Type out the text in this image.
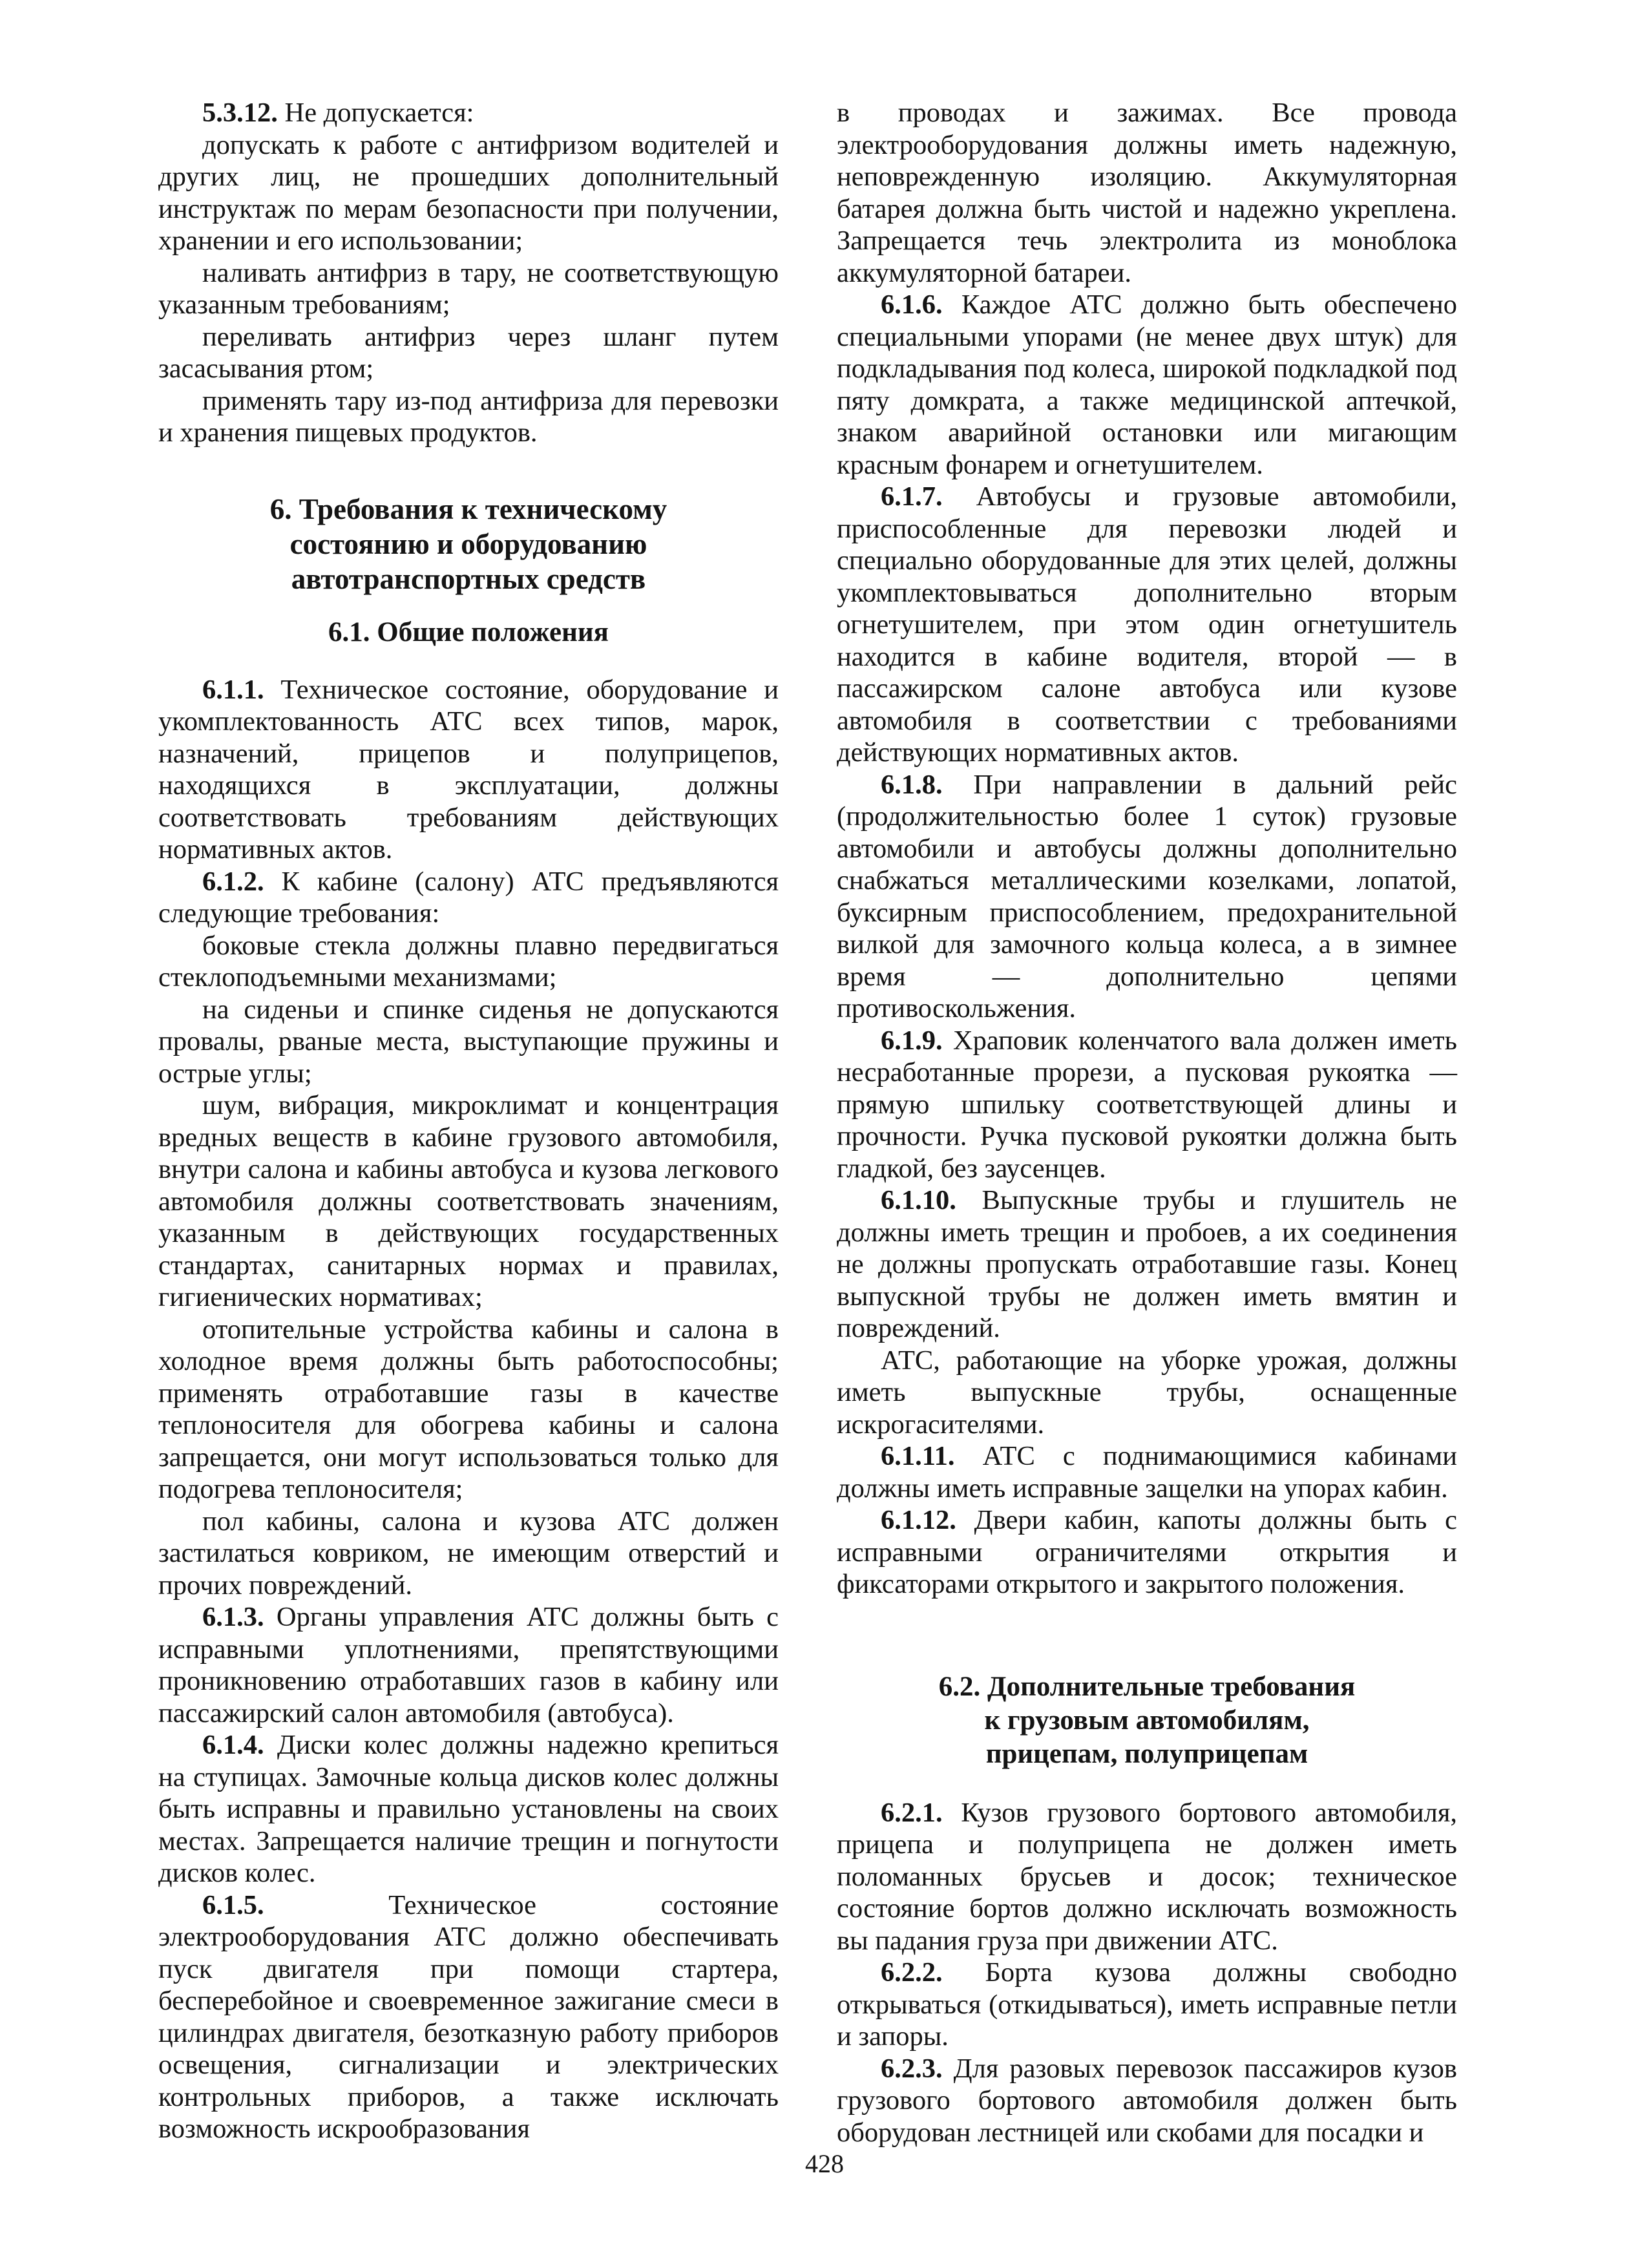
5.3.12. Не допускается:

допускать к работе с антифризом водителей и других лиц, не прошедших дополнительный инструктаж по мерам безопасности при получении, хранении и его использовании;

наливать антифриз в тару, не соответствующую указанным требованиям;

переливать антифриз через шланг путем засасывания ртом;

применять тару из-под антифриза для перевозки и хранения пищевых продуктов.

6. Требования к техническому
состоянию и оборудованию
автотранспортных средств
6.1. Общие положения

6.1.1. Техническое состояние, оборудование и укомплектованность АТС всех типов, марок, назначений, прицепов и полуприцепов, находящихся в эксплуатации, должны соответствовать требованиям действующих нормативных актов.

6.1.2. К кабине (салону) АТС предъявляются следующие требования:

боковые стекла должны плавно передвигаться стеклоподъемными механизмами;

на сиденьи и спинке сиденья не допускаются провалы, рваные места, выступающие пружины и острые углы;

шум, вибрация, микроклимат и концентрация вредных веществ в кабине грузового автомобиля, внутри салона и кабины автобуса и кузова легкового автомобиля должны соответствовать значениям, указанным в действующих государственных стандартах, санитарных нормах и правилах, гигиенических нормативах;

отопительные устройства кабины и салона в холодное время должны быть работоспособны; применять отработавшие газы в качестве теплоносителя для обогрева кабины и салона запрещается, они могут использоваться только для подогрева теплоносителя;

пол кабины, салона и кузова АТС должен застилаться ковриком, не имеющим отверстий и прочих повреждений.

6.1.3. Органы управления АТС должны быть с исправными уплотнениями, препятствующими проникновению отработавших газов в кабину или пассажирский салон автомобиля (автобуса).

6.1.4. Диски колес должны надежно крепиться на ступицах. Замочные кольца дисков колес должны быть исправны и правильно установлены на своих местах. Запрещается наличие трещин и погнутости дисков колес.

6.1.5. Техническое состояние электрооборудования АТС должно обеспечивать пуск двигателя при помощи стартера, бесперебойное и своевременное зажигание смеси в цилиндрах двигателя, безотказную работу приборов освещения, сигнализации и электрических контрольных приборов, а также исключать возможность искрообразования

в проводах и зажимах. Все провода электрооборудования должны иметь надежную, неповрежденную изоляцию. Аккумуляторная батарея должна быть чистой и надежно укреплена. Запрещается течь электролита из моноблока аккумуляторной батареи.

6.1.6. Каждое АТС должно быть обеспечено специальными упорами (не менее двух штук) для подкладывания под колеса, широкой подкладкой под пяту домкрата, а также медицинской аптечкой, знаком аварийной остановки или мигающим красным фонарем и огнетушителем.

6.1.7. Автобусы и грузовые автомобили, приспособленные для перевозки людей и специально оборудованные для этих целей, должны укомплектовываться дополнительно вторым огнетушителем, при этом один огнетушитель находится в кабине водителя, второй — в пассажирском салоне автобуса или кузове автомобиля в соответствии с требованиями действующих нормативных актов.

6.1.8. При направлении в дальний рейс (продолжительностью более 1 суток) грузовые автомобили и автобусы должны дополнительно снабжаться металлическими козелками, лопатой, буксирным приспособлением, предохранительной вилкой для замочного кольца колеса, а в зимнее время — дополнительно цепями противоскольжения.

6.1.9. Храповик коленчатого вала должен иметь несработанные прорези, а пусковая рукоятка — прямую шпильку соответствующей длины и прочности. Ручка пусковой рукоятки должна быть гладкой, без заусенцев.

6.1.10. Выпускные трубы и глушитель не должны иметь трещин и пробоев, а их соединения не должны пропускать отработавшие газы. Конец выпускной трубы не должен иметь вмятин и повреждений.

АТС, работающие на уборке урожая, должны иметь выпускные трубы, оснащенные искрогасителями.

6.1.11. АТС с поднимающимися кабинами должны иметь исправные защелки на упорах кабин.

6.1.12. Двери кабин, капоты должны быть с исправными ограничителями открытия и фиксаторами открытого и закрытого положения.

6.2. Дополнительные требования
к грузовым автомобилям,
прицепам, полуприцепам

6.2.1. Кузов грузового бортового автомобиля, прицепа и полуприцепа не должен иметь поломанных брусьев и досок; техническое состояние бортов должно исключать возможность вы падания груза при движении АТС.

6.2.2. Борта кузова должны свободно открываться (откидываться), иметь исправные петли и запоры.

6.2.3. Для разовых перевозок пассажиров кузов грузового бортового автомобиля должен быть оборудован лестницей или скобами для посадки и

428
